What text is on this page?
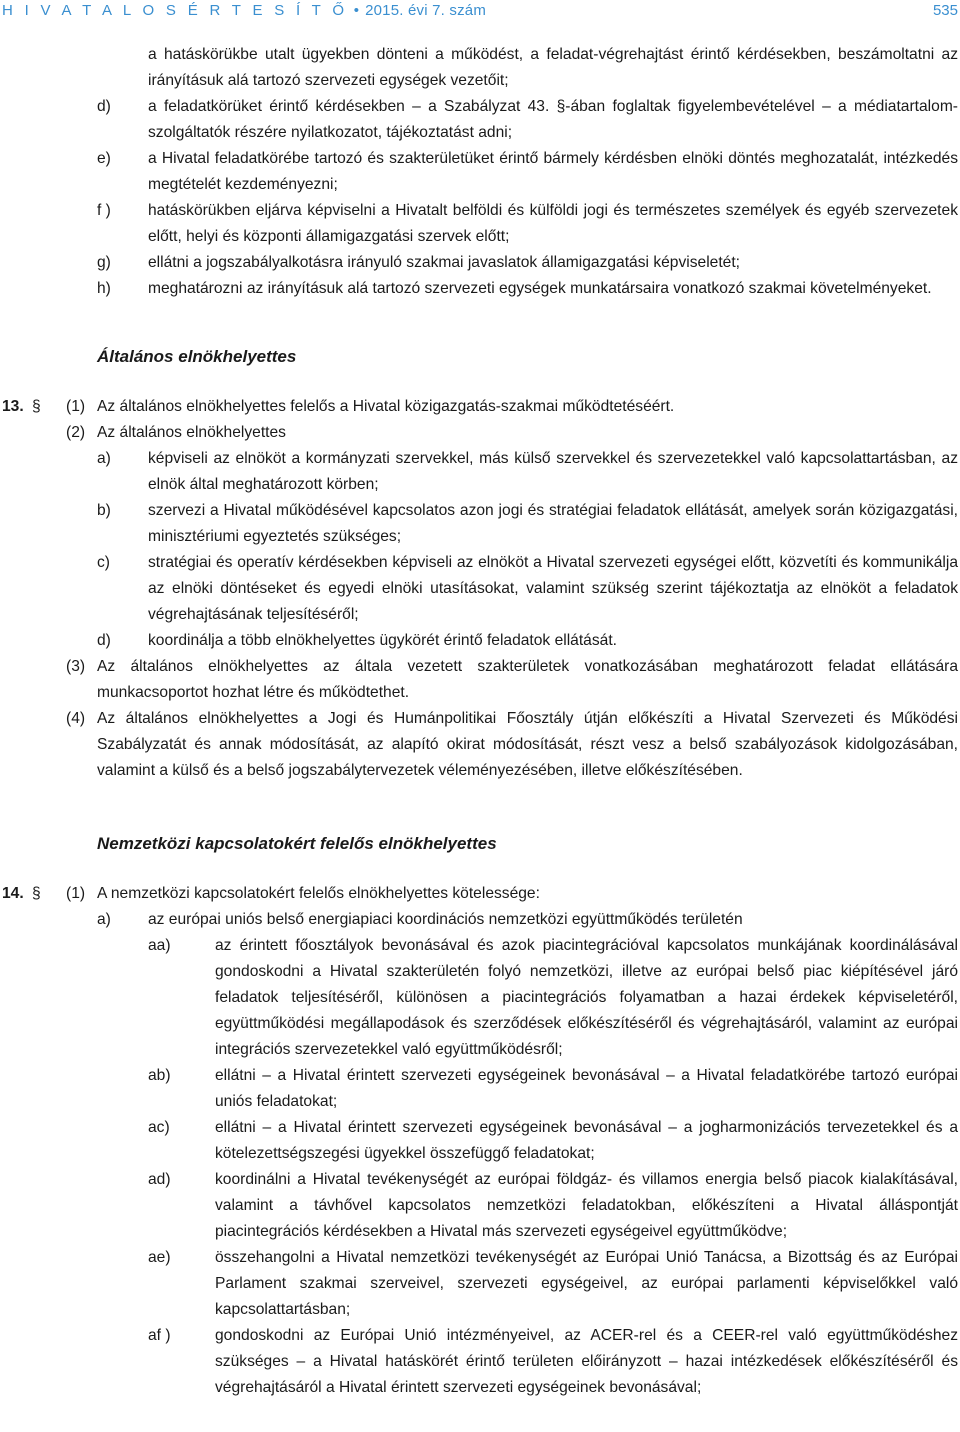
H I V A T A L O S É R T E S Í T Ő • 2015. évi 7. szám	535

a hatáskörükbe utalt ügyekben dönteni a működést, a feladat-végrehajtást érintő kérdésekben, beszámoltatni az irányításuk alá tartozó szervezeti egységek vezetőit;

d) a feladatkörüket érintő kérdésekben – a Szabályzat 43. §-ában foglaltak figyelembevételével – a médiatartalom-szolgáltatók részére nyilatkozatot, tájékoztatást adni;

e) a Hivatal feladatkörébe tartozó és szakterületüket érintő bármely kérdésben elnöki döntés meghozatalát, intézkedés megtételét kezdeményezni;

f ) hatáskörükben eljárva képviselni a Hivatalt belföldi és külföldi jogi és természetes személyek és egyéb szervezetek előtt, helyi és központi államigazgatási szervek előtt;

g) ellátni a jogszabályalkotásra irányuló szakmai javaslatok államigazgatási képviseletét;

h) meghatározni az irányításuk alá tartozó szervezeti egységek munkatársaira vonatkozó szakmai követelményeket.

Általános elnökhelyettes
13. § (1) Az általános elnökhelyettes felelős a Hivatal közigazgatás-szakmai működtetéséért.

(2) Az általános elnökhelyettes

a) képviseli az elnököt a kormányzati szervekkel, más külső szervekkel és szervezetekkel való kapcsolattartásban, az elnök által meghatározott körben;

b) szervezi a Hivatal működésével kapcsolatos azon jogi és stratégiai feladatok ellátását, amelyek során közigazgatási, minisztériumi egyeztetés szükséges;

c) stratégiai és operatív kérdésekben képviseli az elnököt a Hivatal szervezeti egységei előtt, közvetíti és kommunikálja az elnöki döntéseket és egyedi elnöki utasításokat, valamint szükség szerint tájékoztatja az elnököt a feladatok végrehajtásának teljesítéséről;

d) koordinálja a több elnökhelyettes ügykörét érintő feladatok ellátását.

(3) Az általános elnökhelyettes az általa vezetett szakterületek vonatkozásában meghatározott feladat ellátására munkacsoportot hozhat létre és működtethet.

(4) Az általános elnökhelyettes a Jogi és Humánpolitikai Főosztály útján előkészíti a Hivatal Szervezeti és Működési Szabályzatát és annak módosítását, az alapító okirat módosítását, részt vesz a belső szabályozások kidolgozásában, valamint a külső és a belső jogszabálytervezetek véleményezésében, illetve előkészítésében.

Nemzetközi kapcsolatokért felelős elnökhelyettes
14. § (1) A nemzetközi kapcsolatokért felelős elnökhelyettes kötelessége:

a) az európai uniós belső energiapiaci koordinációs nemzetközi együttműködés területén

aa)	az érintett főosztályok bevonásával és azok piacintegrációval kapcsolatos munkájának koordinálásával gondoskodni a Hivatal szakterületén folyó nemzetközi, illetve az európai belső piac kiépítésével járó feladatok teljesítéséről, különösen a piacintegrációs folyamatban a hazai érdekek képviseletéről, együttműködési megállapodások és szerződések előkészítéséről és végrehajtásáról, valamint az európai integrációs szervezetekkel való együttműködésről;

ab)	ellátni – a Hivatal érintett szervezeti egységeinek bevonásával – a Hivatal feladatkörébe tartozó európai uniós feladatokat;

ac)	ellátni – a Hivatal érintett szervezeti egységeinek bevonásával – a jogharmonizációs tervezetekkel és a kötelezettségszegési ügyekkel összefüggő feladatokat;

ad)	koordinálni a Hivatal tevékenységét az európai földgáz- és villamos energia belső piacok kialakításával, valamint a távhővel kapcsolatos nemzetközi feladatokban, előkészíteni a Hivatal álláspontját piacintegrációs kérdésekben a Hivatal más szervezeti egységeivel együttműködve;

ae)	összehangolni a Hivatal nemzetközi tevékenységét az Európai Unió Tanácsa, a Bizottság és az Európai Parlament szakmai szerveivel, szervezeti egységeivel, az európai parlamenti képviselőkkel való kapcsolattartásban;

af )	gondoskodni az Európai Unió intézményeivel, az ACER-rel és a CEER-rel való együttműködéshez szükséges – a Hivatal hatáskörét érintő területen előirányzott – hazai intézkedések előkészítéséről és végrehajtásáról a Hivatal érintett szervezeti egységeinek bevonásával;
